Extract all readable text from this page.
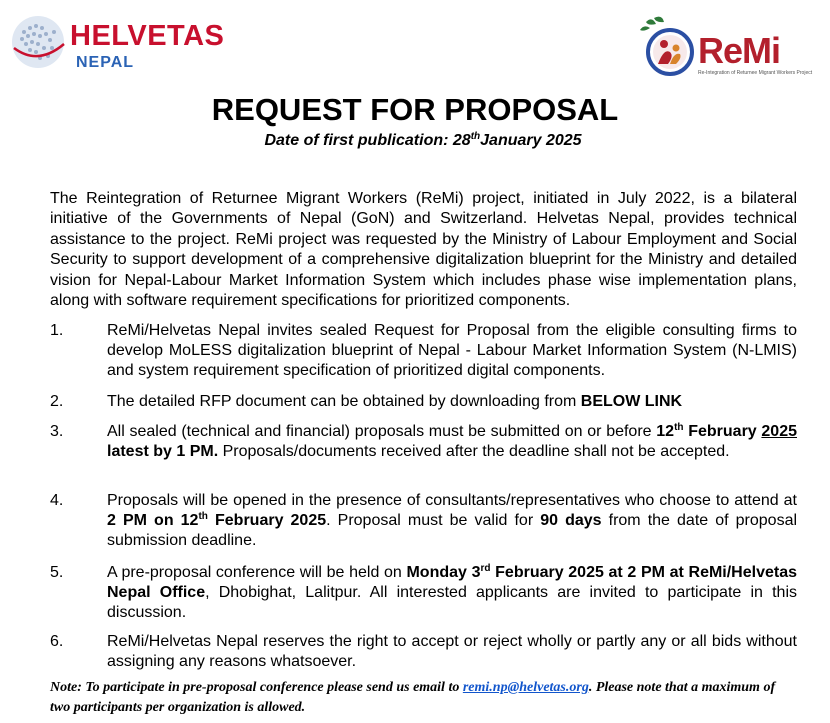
HELVETAS
NEPAL	ReMi
Re-Integration of Returnee Migrant Workers Project
REQUEST FOR PROPOSAL
Date of first publication: 28thJanuary 2025
The Reintegration of Returnee Migrant Workers (ReMi) project, initiated in July 2022, is a bilateral initiative of the Governments of Nepal (GoN) and Switzerland. Helvetas Nepal, provides technical assistance to the project. ReMi project was requested by the Ministry of Labour Employment and Social Security to support development of a comprehensive digitalization blueprint for the Ministry and detailed vision for Nepal-Labour Market Information System which includes phase wise implementation plans, along with software requirement specifications for prioritized components.
1.	ReMi/Helvetas Nepal invites sealed Request for Proposal from the eligible consulting firms to develop MoLESS digitalization blueprint of Nepal - Labour Market Information System (N-LMIS) and system requirement specification of prioritized digital components.
2.	The detailed RFP document can be obtained by downloading from BELOW LINK
3.	All sealed (technical and financial) proposals must be submitted on or before 12th February 2025 latest by 1 PM. Proposals/documents received after the deadline shall not be accepted.
4.	Proposals will be opened in the presence of consultants/representatives who choose to attend at 2 PM on 12th February 2025. Proposal must be valid for 90 days from the date of proposal submission deadline.
5.	A pre-proposal conference will be held on Monday 3rd February 2025 at 2 PM at ReMi/Helvetas Nepal Office, Dhobighat, Lalitpur. All interested applicants are invited to participate in this discussion.
6.	ReMi/Helvetas Nepal reserves the right to accept or reject wholly or partly any or all bids without assigning any reasons whatsoever.
Note: To participate in pre-proposal conference please send us email to remi.np@helvetas.org. Please note that a maximum of two participants per organization is allowed.
